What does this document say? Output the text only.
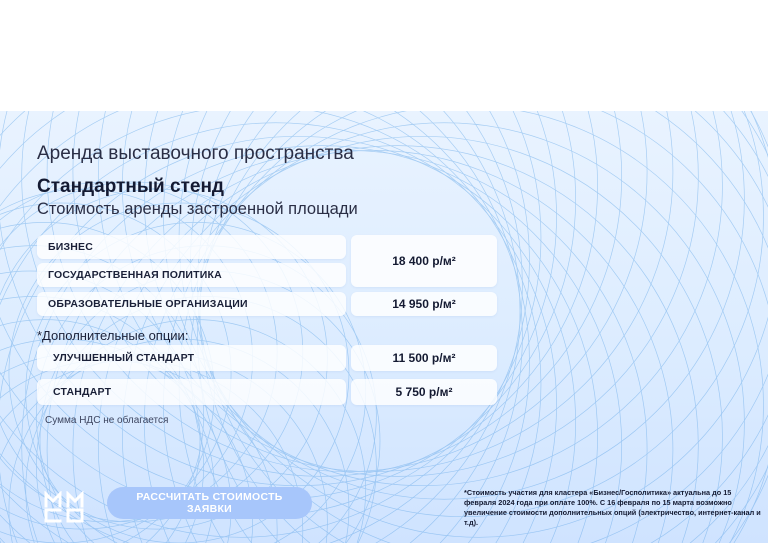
Аренда выставочного пространства
Стандартный стенд
Стоимость аренды застроенной площади
БИЗНЕС
ГОСУДАРСТВЕННАЯ ПОЛИТИКА
ОБРАЗОВАТЕЛЬНЫЕ ОРГАНИЗАЦИИ
18 400 р/м²
14 950 р/м²
*Дополнительные опции:
УЛУЧШЕННЫЙ СТАНДАРТ	11 500 р/м²
СТАНДАРТ	5 750 р/м²
Сумма НДС не облагается
РАССЧИТАТЬ СТОИМОСТЬ ЗАЯВКИ
*Стоимость участия для кластера «Бизнес/Госполитика» актуальна до 15 февраля 2024 года при оплате 100%. С 16 февраля по 15 марта возможно увеличение стоимости дополнительных опций (электричество, интернет-канал и т.д).
